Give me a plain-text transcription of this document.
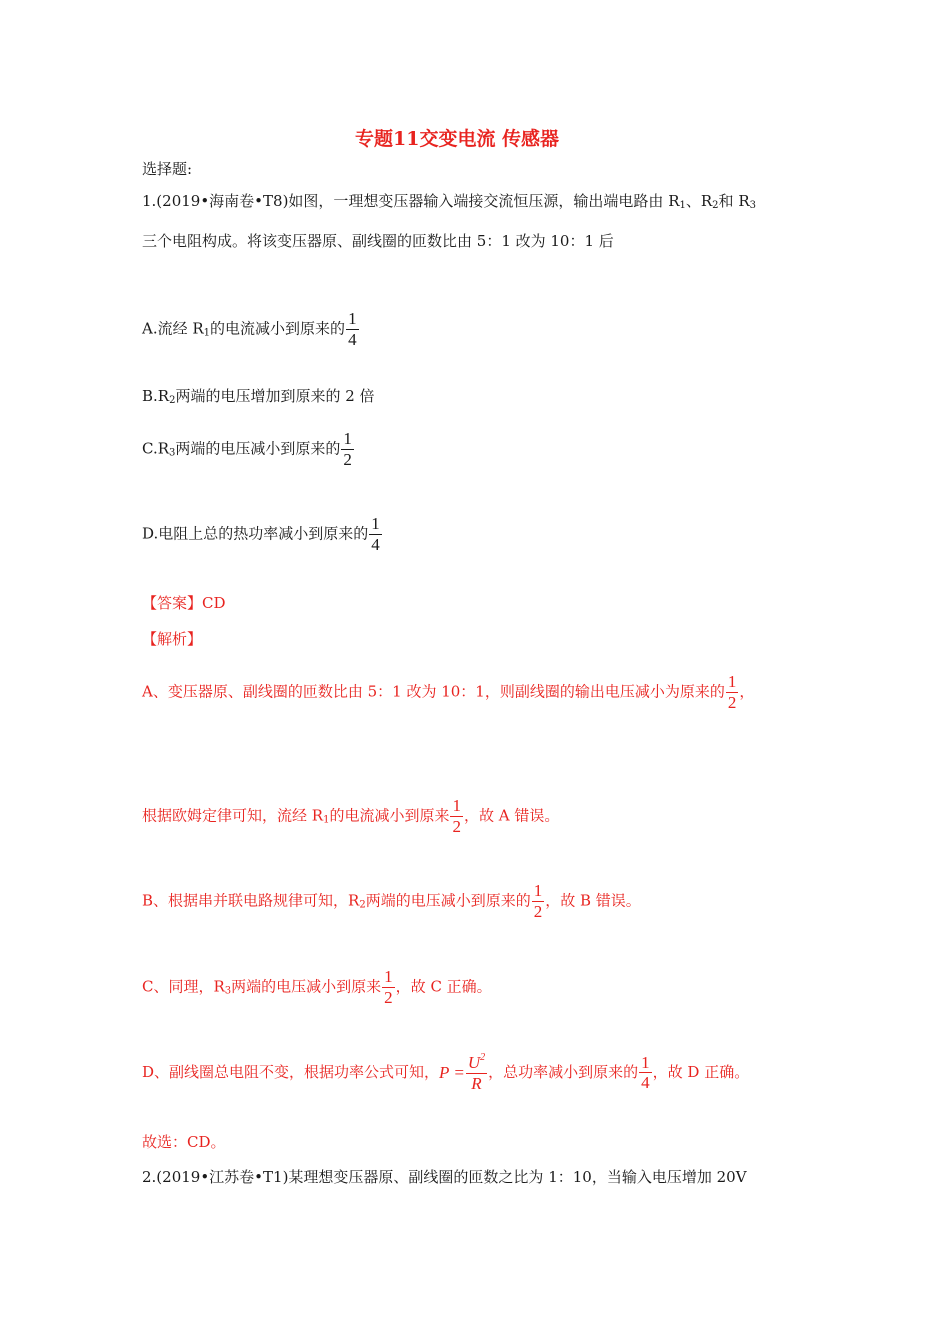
专题11交变电流 传感器
选择题:
1.(2019•海南卷•T8)如图，一理想变压器输入端接交流恒压源，输出端电路由 $R_1$、$R_2$和 $R_3$
三个电阻构成。将该变压器原、副线圈的匝数比由 5：1 改为 10：1 后
A.流经 $R_1$的电流减小到原来的 $\frac{1}{4}$
$B.R_2$两端的电压增加到原来的 2 倍
$C.R_3$两端的电压减小到原来的 $\frac{1}{2}$
D.电阻上总的热功率减小到原来的 $\frac{1}{4}$
【答案】CD
【解析】
A、变压器原、副线圈的匝数比由 5：1 改为 10：1，则副线圈的输出电压减小为原来的 $\frac{1}{2}$ ，
根据欧姆定律可知，流经 $R_1$的电流减小到原来 $\frac{1}{2}$ ，故 A 错误。
B、根据串并联电路规律可知，$R_2$两端的电压减小到原来的 $\frac{1}{2}$ ，故 B 错误。
C、同理，$R_3$两端的电压减小到原来 $\frac{1}{2}$ ，故 C 正确。
D、副线圈总电阻不变，根据功率公式可知，$P = \frac{U^2}{R}$ ，总功率减小到原来的 $\frac{1}{4}$ ，故 D 正确。
故选：CD。
2.(2019•江苏卷•T1)某理想变压器原、副线圈的匝数之比为 1：10，当输入电压增加 20V
